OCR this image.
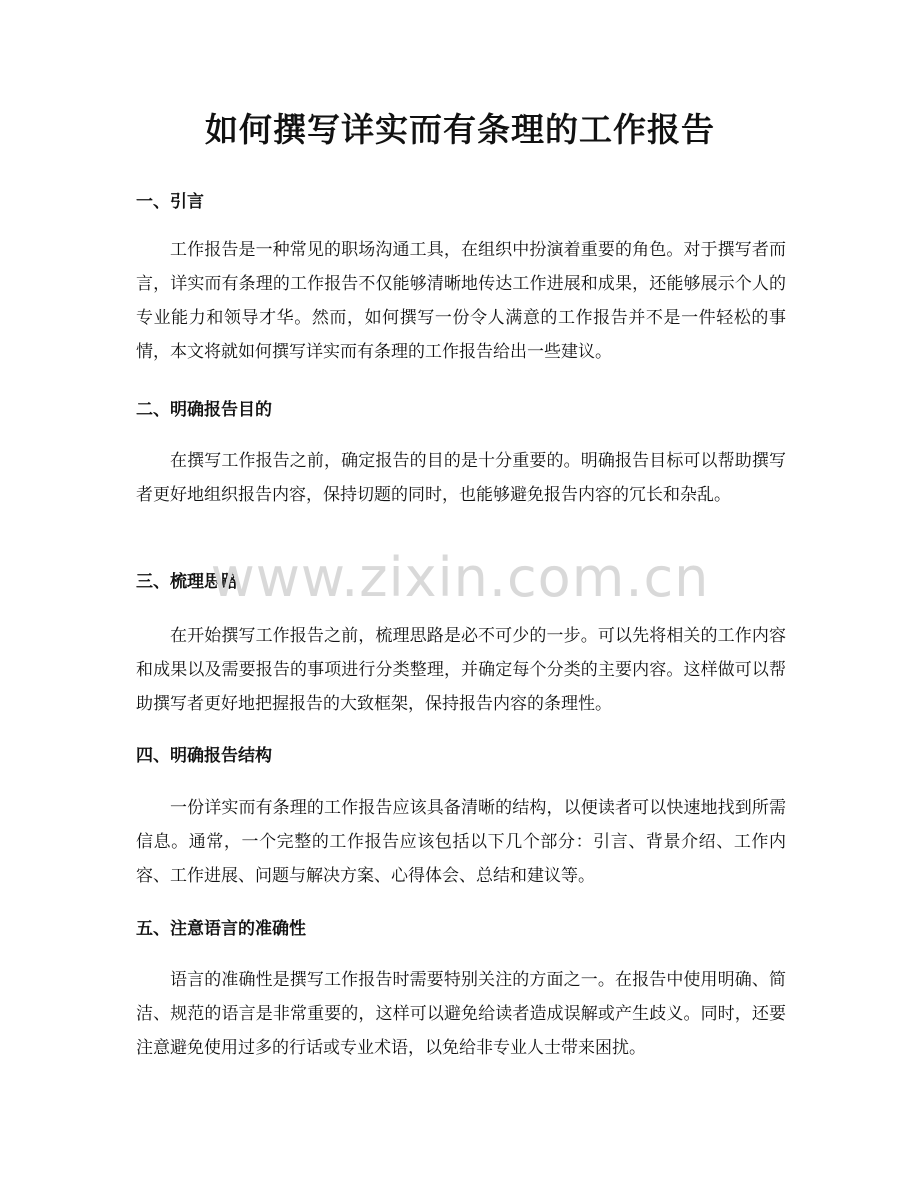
如何撰写详实而有条理的工作报告
一、引言

工作报告是一种常见的职场沟通工具，在组织中扮演着重要的角色。对于撰写者而言，详实而有条理的工作报告不仅能够清晰地传达工作进展和成果，还能够展示个人的专业能力和领导才华。然而，如何撰写一份令人满意的工作报告并不是一件轻松的事情，本文将就如何撰写详实而有条理的工作报告给出一些建议。

二、明确报告目的

在撰写工作报告之前，确定报告的目的是十分重要的。明确报告目标可以帮助撰写者更好地组织报告内容，保持切题的同时，也能够避免报告内容的冗长和杂乱。

三、梳理思路

在开始撰写工作报告之前，梳理思路是必不可少的一步。可以先将相关的工作内容和成果以及需要报告的事项进行分类整理，并确定每个分类的主要内容。这样做可以帮助撰写者更好地把握报告的大致框架，保持报告内容的条理性。

四、明确报告结构

一份详实而有条理的工作报告应该具备清晰的结构，以便读者可以快速地找到所需信息。通常，一个完整的工作报告应该包括以下几个部分：引言、背景介绍、工作内容、工作进展、问题与解决方案、心得体会、总结和建议等。

五、注意语言的准确性

语言的准确性是撰写工作报告时需要特别关注的方面之一。在报告中使用明确、简洁、规范的语言是非常重要的，这样可以避免给读者造成误解或产生歧义。同时，还要注意避免使用过多的行话或专业术语，以免给非专业人士带来困扰。

www.zixin.com.cn
